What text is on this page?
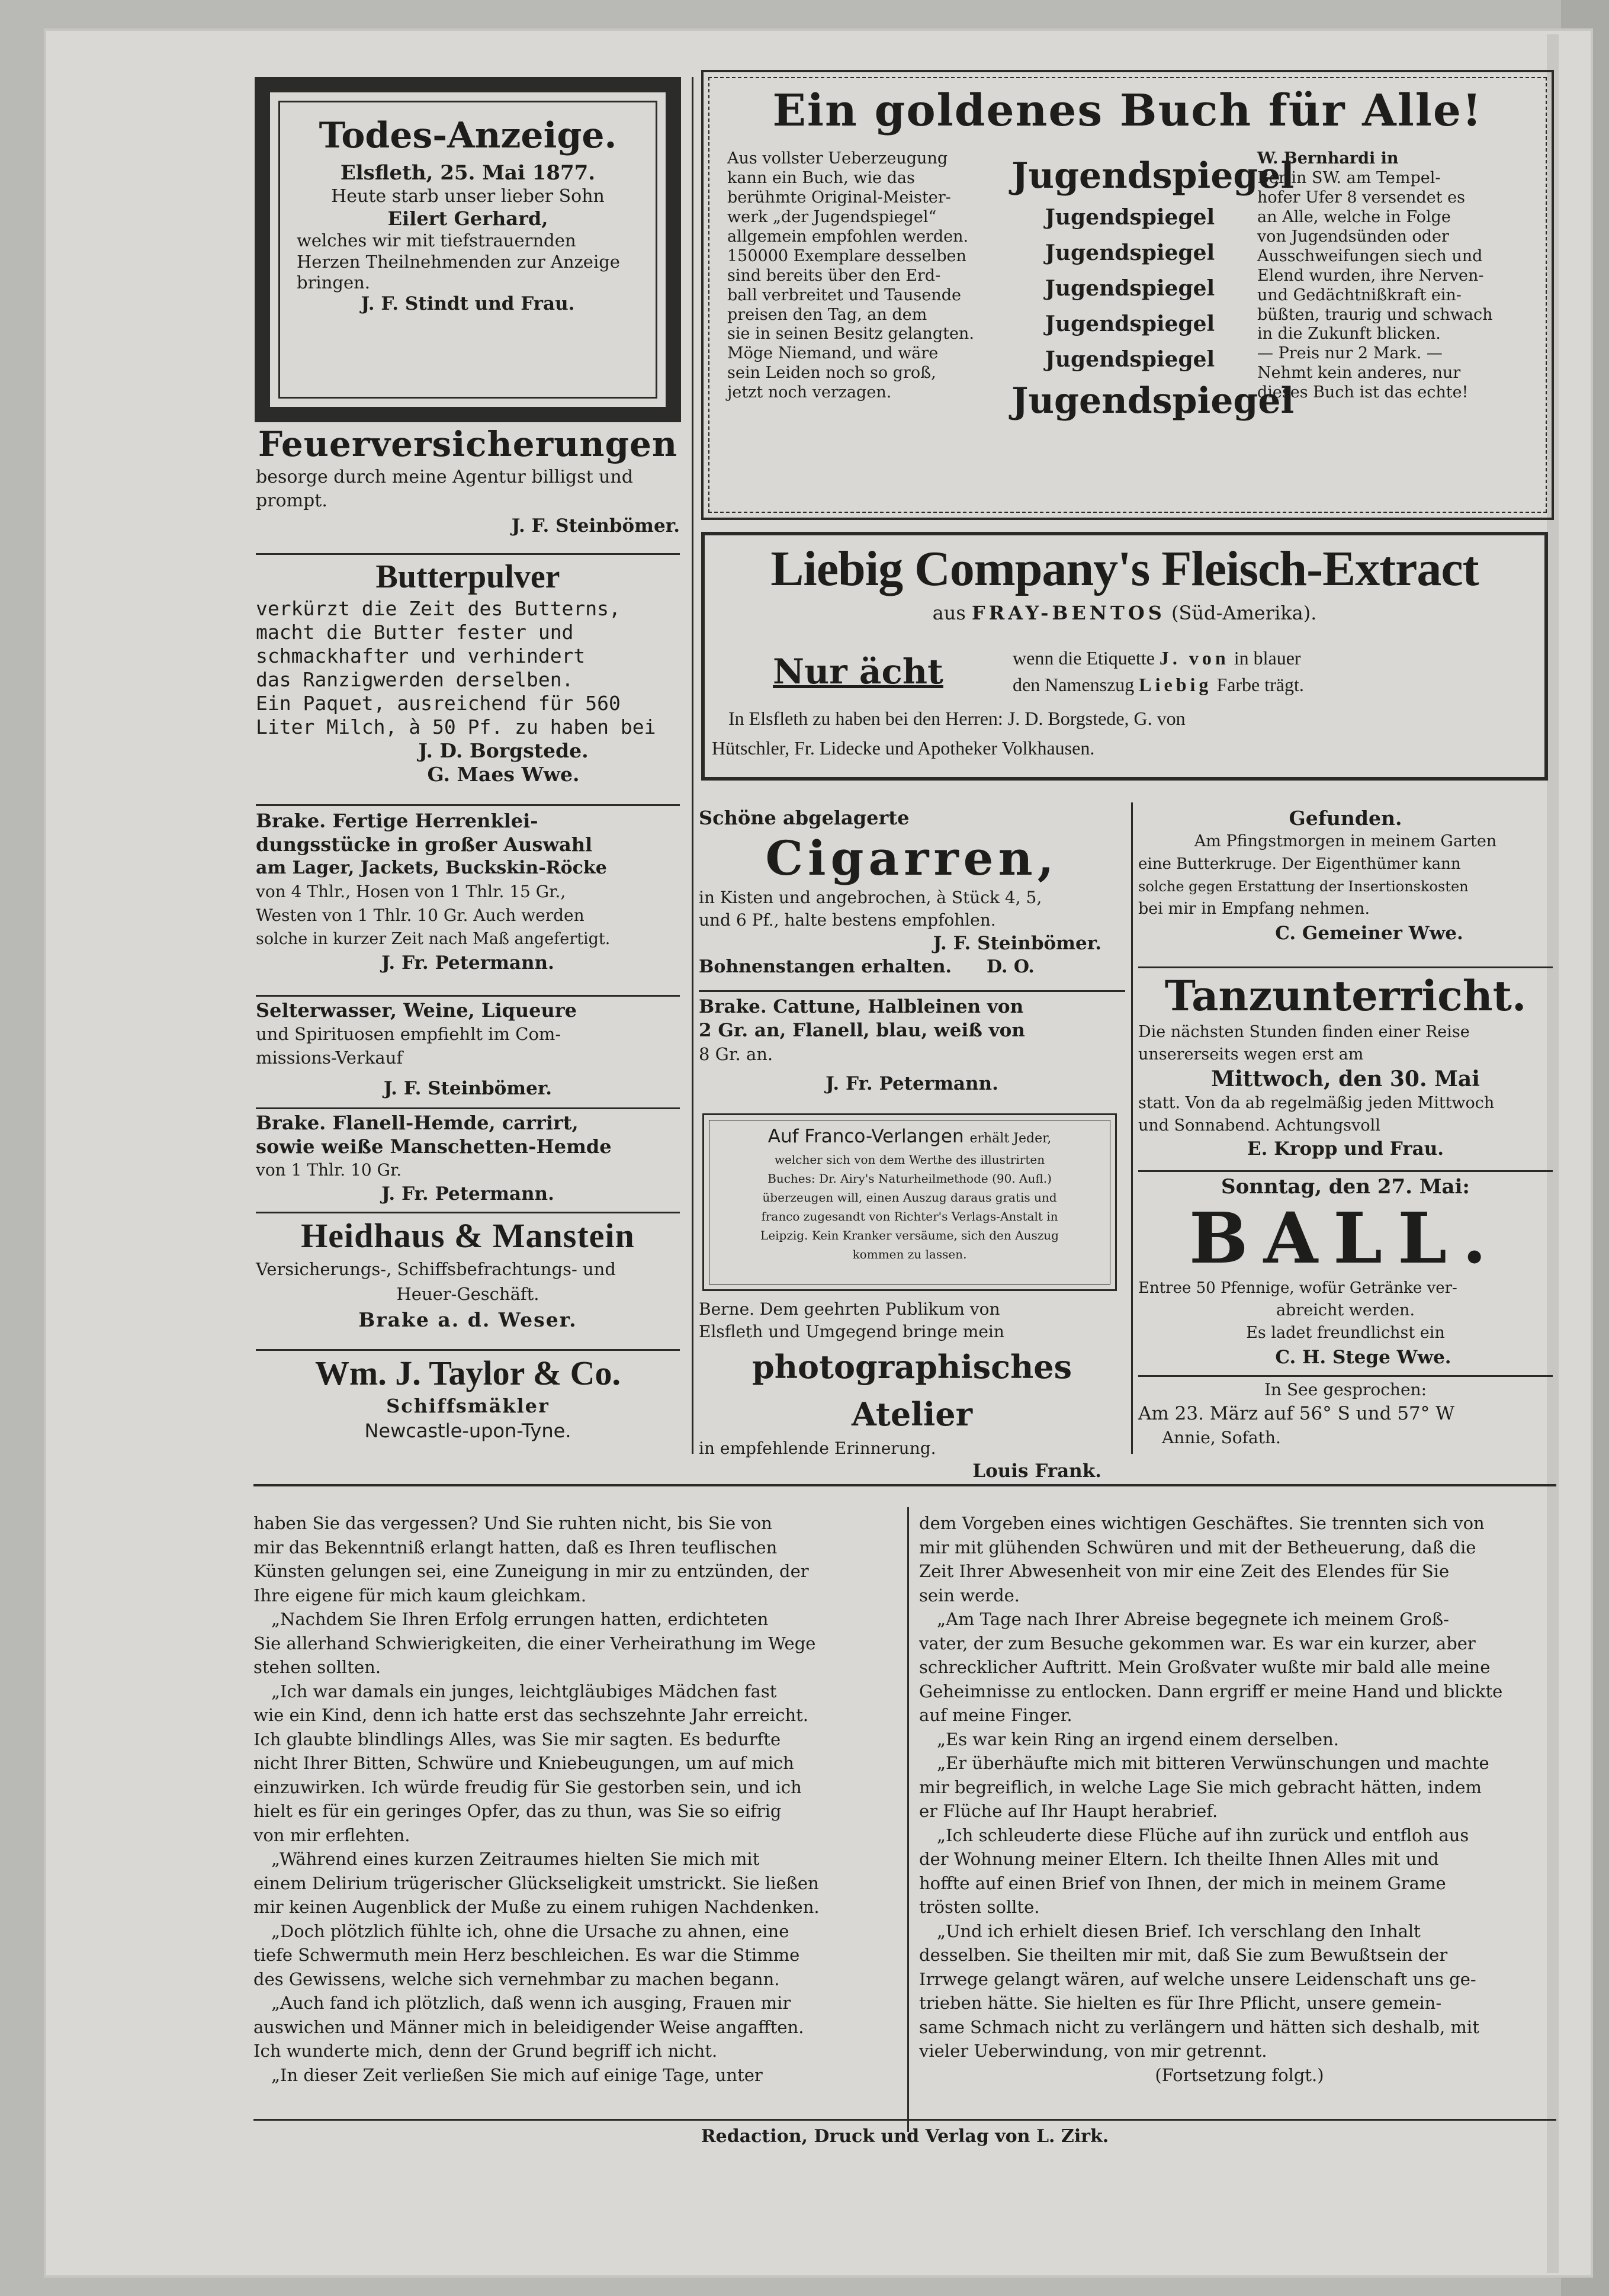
Todes-Anzeige.

Elsfleth, 25. Mai 1877.

Heute starb unser lieber Sohn

Eilert Gerhard,

welches wir mit tiefstrauernden

Herzen Theilnehmenden zur Anzeige

bringen.

J. F. Stindt und Frau.

Feuerversicherungen

besorge durch meine Agentur billigst und prompt.

J. F. Steinbömer.

Butterpulver

verkürzt die Zeit des Butterns,

macht die Butter fester und

schmackhafter und verhindert

das Ranzigwerden derselben.

Ein Paquet, ausreichend für 560

Liter Milch, à 50 Pf. zu haben bei

J. D. Borgstede.

G. Maes Wwe.

Brake. Fertige Herrenklei-

dungsstücke in großer Auswahl

am Lager, Jackets, Buckskin-Röcke

von 4 Thlr., Hosen von 1 Thlr. 15 Gr.,

Westen von 1 Thlr. 10 Gr. Auch werden

solche in kurzer Zeit nach Maß angefertigt.

J. Fr. Petermann.

Selterwasser, Weine, Liqueure

und Spirituosen empfiehlt im Com-

missions-Verkauf

J. F. Steinbömer.

Brake. Flanell-Hemde, carrirt,

sowie weiße Manschetten-Hemde

von 1 Thlr. 10 Gr.

J. Fr. Petermann.

Heidhaus & Manstein

Versicherungs-, Schiffsbefrachtungs- und

Heuer-Geschäft.

Brake a. d. Weser.

Wm. J. Taylor & Co.

Schiffsmäkler

Newcastle-upon-Tyne.

Ein goldenes Buch für Alle!

Aus vollster Ueberzeugung

kann ein Buch, wie das

berühmte Original-Meister-

werk „der Jugendspiegel“

allgemein empfohlen werden.

150000 Exemplare desselben

sind bereits über den Erd-

ball verbreitet und Tausende

preisen den Tag, an dem

sie in seinen Besitz gelangten.

Möge Niemand, und wäre

sein Leiden noch so groß,

jetzt noch verzagen.

Jugendspiegel

Jugendspiegel

Jugendspiegel

Jugendspiegel

Jugendspiegel

Jugendspiegel

Jugendspiegel

W. Bernhardi in

Berlin SW. am Tempel-

hofer Ufer 8 versendet es

an Alle, welche in Folge

von Jugendsünden oder

Ausschweifungen siech und

Elend wurden, ihre Nerven-

und Gedächtnißkraft ein-

büßten, traurig und schwach

in die Zukunft blicken.

— Preis nur 2 Mark. —

Nehmt kein anderes, nur

dieses Buch ist das echte!

Liebig Company's Fleisch-Extract

aus FRAY-BENTOS (Süd-Amerika).

Nur ächt	wenn die Etiquette J. von in blauer

den Namenszug Liebig Farbe trägt.

In Elsfleth zu haben bei den Herren: J. D. Borgstede, G. von

Hütschler, Fr. Lidecke und Apotheker Volkhausen.

Schöne abgelagerte

Cigarren,

in Kisten und angebrochen, à Stück 4, 5,

und 6 Pf., halte bestens empfohlen.

J. F. Steinbömer.

Bohnenstangen erhalten. D. O.

Brake. Cattune, Halbleinen von

2 Gr. an, Flanell, blau, weiß von

8 Gr. an.

J. Fr. Petermann.

Auf Franco-Verlangen erhält Jeder,

welcher sich von dem Werthe des illustrirten

Buches: Dr. Airy's Naturheilmethode (90. Aufl.)

überzeugen will, einen Auszug daraus gratis und

franco zugesandt von Richter's Verlags-Anstalt in

Leipzig. Kein Kranker versäume, sich den Auszug

kommen zu lassen.

Berne. Dem geehrten Publikum von

Elsfleth und Umgegend bringe mein

photographisches Atelier

in empfehlende Erinnerung.

Louis Frank.

Gefunden.

Am Pfingstmorgen in meinem Garten

eine Butterkruge. Der Eigenthümer kann

solche gegen Erstattung der Insertionskosten

bei mir in Empfang nehmen.

C. Gemeiner Wwe.

Tanzunterricht.

Die nächsten Stunden finden einer Reise

unsererseits wegen erst am

Mittwoch, den 30. Mai

statt. Von da ab regelmäßig jeden Mittwoch

und Sonnabend. Achtungsvoll

E. Kropp und Frau.

Sonntag, den 27. Mai:

BALL.

Entree 50 Pfennige, wofür Getränke ver-

abreicht werden.

Es ladet freundlichst ein

C. H. Stege Wwe.

In See gesprochen:

Am 23. März auf 56° S und 57° W

Annie, Sofath.

haben Sie das vergessen? Und Sie ruhten nicht, bis Sie von

mir das Bekenntniß erlangt hatten, daß es Ihren teuflischen

Künsten gelungen sei, eine Zuneigung in mir zu entzünden, der

Ihre eigene für mich kaum gleichkam.

„Nachdem Sie Ihren Erfolg errungen hatten, erdichteten

Sie allerhand Schwierigkeiten, die einer Verheirathung im Wege

stehen sollten.

„Ich war damals ein junges, leichtgläubiges Mädchen fast

wie ein Kind, denn ich hatte erst das sechszehnte Jahr erreicht.

Ich glaubte blindlings Alles, was Sie mir sagten. Es bedurfte

nicht Ihrer Bitten, Schwüre und Kniebeugungen, um auf mich

einzuwirken. Ich würde freudig für Sie gestorben sein, und ich

hielt es für ein geringes Opfer, das zu thun, was Sie so eifrig

von mir erflehten.

„Während eines kurzen Zeitraumes hielten Sie mich mit

einem Delirium trügerischer Glückseligkeit umstrickt. Sie ließen

mir keinen Augenblick der Muße zu einem ruhigen Nachdenken.

„Doch plötzlich fühlte ich, ohne die Ursache zu ahnen, eine

tiefe Schwermuth mein Herz beschleichen. Es war die Stimme

des Gewissens, welche sich vernehmbar zu machen begann.

„Auch fand ich plötzlich, daß wenn ich ausging, Frauen mir

auswichen und Männer mich in beleidigender Weise angafften.

Ich wunderte mich, denn der Grund begriff ich nicht.

„In dieser Zeit verließen Sie mich auf einige Tage, unter

dem Vorgeben eines wichtigen Geschäftes. Sie trennten sich von

mir mit glühenden Schwüren und mit der Betheuerung, daß die

Zeit Ihrer Abwesenheit von mir eine Zeit des Elendes für Sie

sein werde.

„Am Tage nach Ihrer Abreise begegnete ich meinem Groß-

vater, der zum Besuche gekommen war. Es war ein kurzer, aber

schrecklicher Auftritt. Mein Großvater wußte mir bald alle meine

Geheimnisse zu entlocken. Dann ergriff er meine Hand und blickte

auf meine Finger.

„Es war kein Ring an irgend einem derselben.

„Er überhäufte mich mit bitteren Verwünschungen und machte

mir begreiflich, in welche Lage Sie mich gebracht hätten, indem

er Flüche auf Ihr Haupt herabrief.

„Ich schleuderte diese Flüche auf ihn zurück und entfloh aus

der Wohnung meiner Eltern. Ich theilte Ihnen Alles mit und

hoffte auf einen Brief von Ihnen, der mich in meinem Grame

trösten sollte.

„Und ich erhielt diesen Brief. Ich verschlang den Inhalt

desselben. Sie theilten mir mit, daß Sie zum Bewußtsein der

Irrwege gelangt wären, auf welche unsere Leidenschaft uns ge-

trieben hätte. Sie hielten es für Ihre Pflicht, unsere gemein-

same Schmach nicht zu verlängern und hätten sich deshalb, mit

vieler Ueberwindung, von mir getrennt.

(Fortsetzung folgt.)

Redaction, Druck und Verlag von L. Zirk.
